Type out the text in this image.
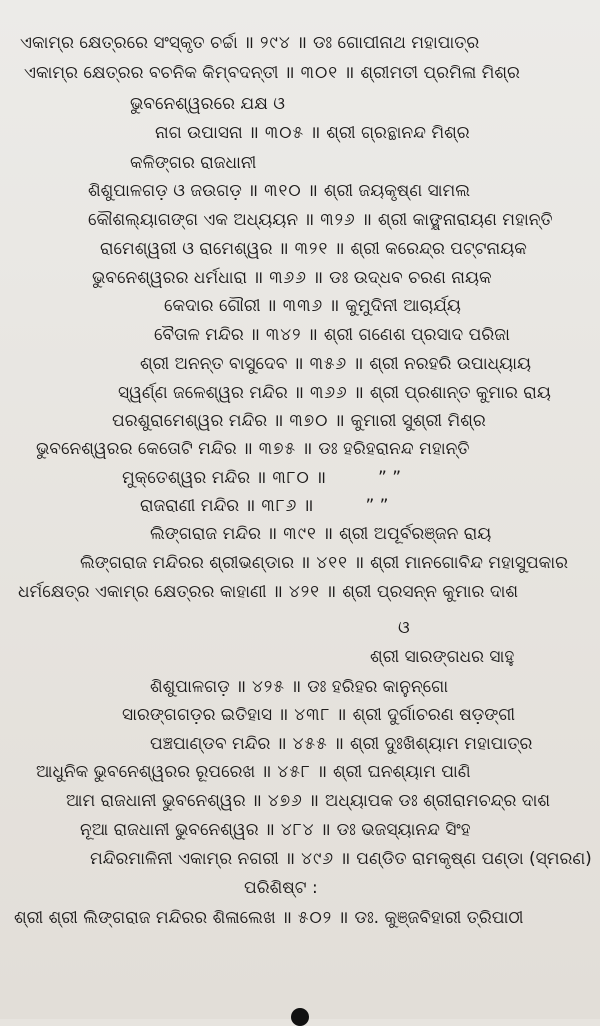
ଏକାମ୍ର କ୍ଷେତ୍ରରେ ସଂସ୍କୃତ ଚର୍ଚ୍ଚା ॥ ୨୯୪ ॥ ଡଃ ଗୋପୀନାଥ ମହାପାତ୍ର
ଏକାମ୍ର କ୍ଷେତ୍ରର ବଚନିକ କିମ୍ବଦନ୍ତୀ ॥ ୩୦୧ ॥ ଶ୍ରୀମତୀ ପ୍ରମିଳା ମିଶ୍ର
ଭୁବନେଶ୍ୱରରେ ଯକ୍ଷ ଓ
ନାଗ ଉପାସନା ॥ ୩୦୫ ॥ ଶ୍ରୀ ଗ୍ରନ୍ଥାନନ୍ଦ ମିଶ୍ର
କଳିଙ୍ଗର ରାଜଧାନୀ
ଶିଶୁପାଳଗଡ଼ ଓ ଜଉଗଡ଼ ॥ ୩୧୦ ॥ ଶ୍ରୀ ଜୟକୃଷ୍ଣ ସାମଲ
କୌଶଲ୍ୟାଗଙ୍ଗ ଏକ ଅଧ୍ୟୟନ ॥ ୩୨୬ ॥ ଶ୍ରୀ କାଙ୍କ୍ଷନାରାୟଣ ମହାନ୍ତି
ରାମେଶ୍ୱରୀ ଓ ରାମେଶ୍ୱର ॥ ୩୨୧ ॥ ଶ୍ରୀ କରେନ୍ଦ୍ର ପଟ୍ଟନାୟକ
ଭୁବନେଶ୍ୱରର ଧର୍ମଧାରା ॥ ୩୬୬ ॥ ଡଃ ଉଦ୍ଧବ ଚରଣ ନାୟକ
କେଦାର ଗୌରୀ ॥ ୩୩୬ ॥ କୁମୁଦିନୀ ଆଚାର୍ଯ୍ୟ
ବୈତାଳ ମନ୍ଦିର ॥ ୩୪୨ ॥ ଶ୍ରୀ ଗଣେଶ ପ୍ରସାଦ ପରିଜା
ଶ୍ରୀ ଅନନ୍ତ ବାସୁଦେବ ॥ ୩୫୬ ॥ ଶ୍ରୀ ନରହରି ଉପାଧ୍ୟାୟ
ସ୍ୱର୍ଣ୍ଣ ଜଳେଶ୍ୱର ମନ୍ଦିର ॥ ୩୬୬ ॥ ଶ୍ରୀ ପ୍ରଶାନ୍ତ କୁମାର ରାୟ
ପରଶୁରାମେଶ୍ୱର ମନ୍ଦିର ॥ ୩୭୦ ॥ କୁମାରୀ ସୁଶ୍ରୀ ମିଶ୍ର
ଭୁବନେଶ୍ୱରର କେତୋଟି ମନ୍ଦିର ॥ ୩୭୫ ॥ ଡଃ ହରିହରାନନ୍ଦ ମହାନ୍ତି
ମୁକ୍ତେଶ୍ୱର ମନ୍ଦିର ॥ ୩୮୦ ॥	” ”
ରାଜରାଣୀ ମନ୍ଦିର ॥ ୩୮୬ ॥	” ”
ଲିଙ୍ଗରାଜ ମନ୍ଦିର ॥ ୩୯୧ ॥ ଶ୍ରୀ ଅପୂର୍ବରଞ୍ଜନ ରାୟ
ଲିଙ୍ଗରାଜ ମନ୍ଦିରର ଶ୍ରୀଭଣ୍ଡାର ॥ ୪୧୧ ॥ ଶ୍ରୀ ମାନଗୋବିନ୍ଦ ମହାସୁପକାର
ଧର୍ମକ୍ଷେତ୍ର ଏକାମ୍ର କ୍ଷେତ୍ରର କାହାଣୀ ॥ ୪୨୧ ॥ ଶ୍ରୀ ପ୍ରସନ୍ନ କୁମାର ଦାଶ
ଓ
ଶ୍ରୀ ସାରଙ୍ଗଧର ସାହୁ
ଶିଶୁପାଳଗଡ଼ ॥ ୪୨୫ ॥ ଡଃ ହରିହର କାନୁନ୍‌ଗୋ
ସାରଙ୍ଗଗଡ଼ର ଇତିହାସ ॥ ୪୩୮ ॥ ଶ୍ରୀ ଦୁର୍ଗାଚରଣ ଷଡ଼ଙ୍ଗୀ
ପଞ୍ଚପାଣ୍ଡବ ମନ୍ଦିର ॥ ୪୫୫ ॥ ଶ୍ରୀ ଦୁଃଖିଶ୍ୟାମ ମହାପାତ୍ର
ଆଧୁନିକ ଭୁବନେଶ୍ୱରର ରୂପରେଖ ॥ ୪୫୮ ॥ ଶ୍ରୀ ଘନଶ୍ୟାମ ପାଣି
ଆମ ରାଜଧାନୀ ଭୁବନେଶ୍ୱର ॥ ୪୭୬ ॥ ଅଧ୍ୟାପକ ଡଃ ଶ୍ରୀରାମଚନ୍ଦ୍ର ଦାଶ
ନୂଆ ରାଜଧାନୀ ଭୁବନେଶ୍ୱର ॥ ୪୮୪ ॥ ଡଃ ଭଜସ୍ୟାନନ୍ଦ ସିଂହ
ମନ୍ଦିରମାଳିନୀ ଏକାମ୍ର ନଗରୀ ॥ ୪୯୬ ॥ ପଣ୍ଡିତ ରାମକୃଷ୍ଣ ପଣ୍ଡା (ସ୍ମରଣ)
ପରିଶିଷ୍ଟ :
ଶ୍ରୀ ଶ୍ରୀ ଲିଙ୍ଗରାଜ ମନ୍ଦିରର ଶିଳାଲେଖ ॥ ୫୦୨ ॥ ଡଃ. କୁଞ୍ଜବିହାରୀ ତ୍ରିପାଠୀ
